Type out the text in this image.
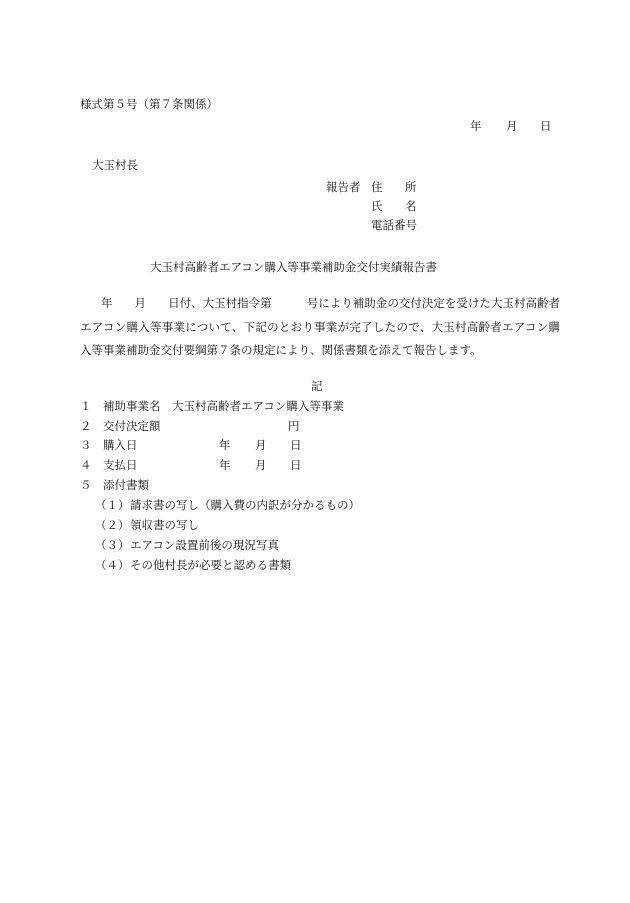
様式第５号（第７条関係）
年 月 日
大玉村長
報告者 住 所
氏 名
電話番号
大玉村高齢者エアコン購入等事業補助金交付実績報告書
年 月 日付、大玉村指令第	号により補助金の交付決定を受けた大玉村高齢者エアコン購入等事業について、下記のとおり事業が完了したので、大玉村高齢者エアコン購入等事業補助金交付要綱第７条の規定により、関係書類を添えて報告します。
記
１ 補助事業名 大玉村高齢者エアコン購入等事業
２ 交付決定額	円
３ 購入日	年 月 日
４ 支払日	年 月 日
５ 添付書類
（１） 請求書の写し（購入費の内訳が分かるもの）
（２） 領収書の写し
（３） エアコン設置前後の現況写真
（４） その他村長が必要と認める書類
